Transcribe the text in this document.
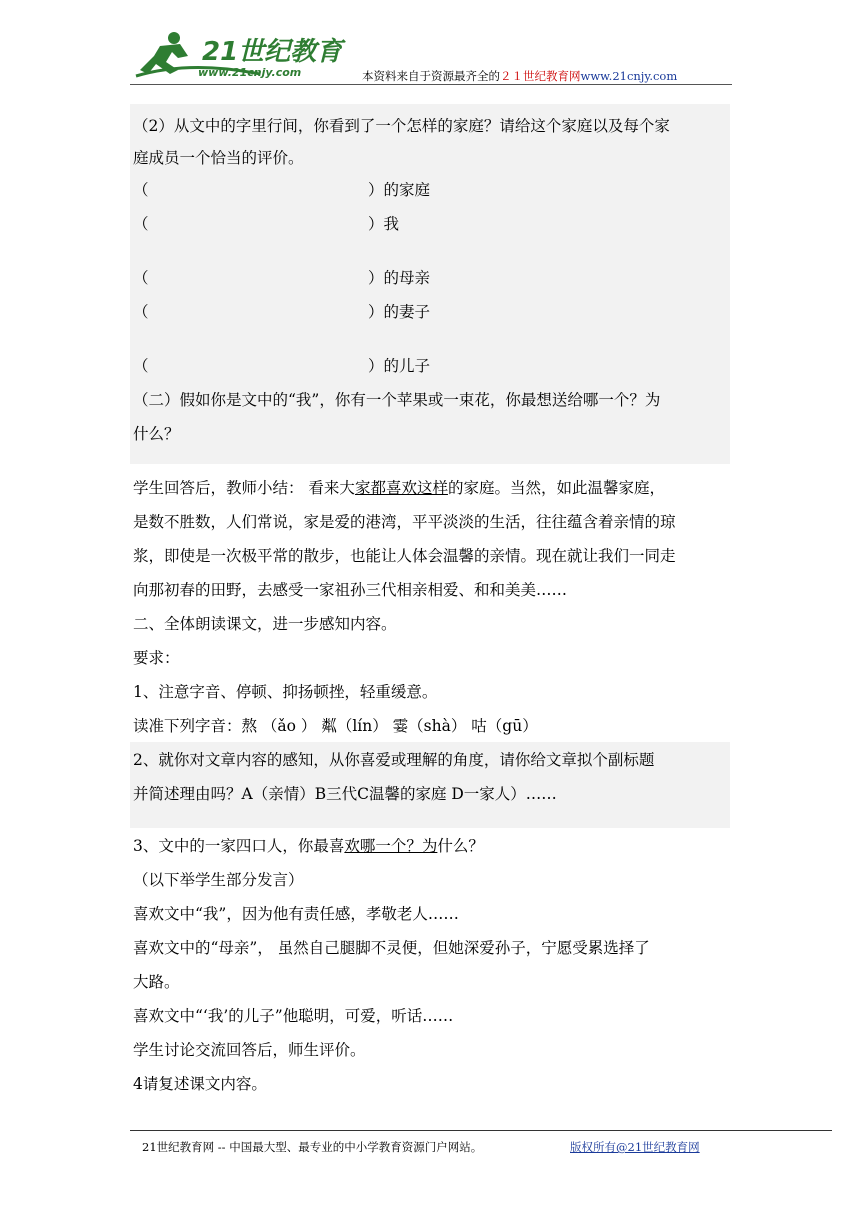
21世纪教育
www.21cnjy.com	本资料来自于资源最齐全的２１世纪教育网www.21cnjy.com
（2）从文中的字里行间，你看到了一个怎样的家庭？请给这个家庭以及每个家
庭成员一个恰当的评价。
（	）的家庭
（	）我
（	）的母亲
（	）的妻子
（	）的儿子
（二）假如你是文中的“我”，你有一个苹果或一束花，你最想送给哪一个？为
什么？
学生回答后，教师小结： 看来大家都喜欢这样的家庭。当然，如此温馨家庭，
是数不胜数，人们常说，家是爱的港湾，平平淡淡的生活，往往蕴含着亲情的琼
浆，即使是一次极平常的散步，也能让人体会温馨的亲情。现在就让我们一同走
向那初春的田野，去感受一家祖孙三代相亲相爱、和和美美……
二、全体朗读课文，进一步感知内容。
要求：
1、注意字音、停顿、抑扬顿挫，轻重缓意。
读准下列字音：熬 （ǎo ） 粼（lín） 霎（shà） 咕（gū）
2、就你对文章内容的感知，从你喜爱或理解的角度，请你给文章拟个副标题
并简述理由吗？A（亲情）B三代C温馨的家庭 D一家人）……
3、文中的一家四口人，你最喜欢哪一个？为什么？
（以下举学生部分发言）
喜欢文中“我”，因为他有责任感，孝敬老人……
喜欢文中的“母亲”， 虽然自己腿脚不灵便，但她深爱孙子，宁愿受累选择了
大路。
喜欢文中“‘我’的儿子”他聪明，可爱，听话……
学生讨论交流回答后，师生评价。
4请复述课文内容。
21世纪教育网 -- 中国最大型、最专业的中小学教育资源门户网站。	版权所有@21世纪教育网
